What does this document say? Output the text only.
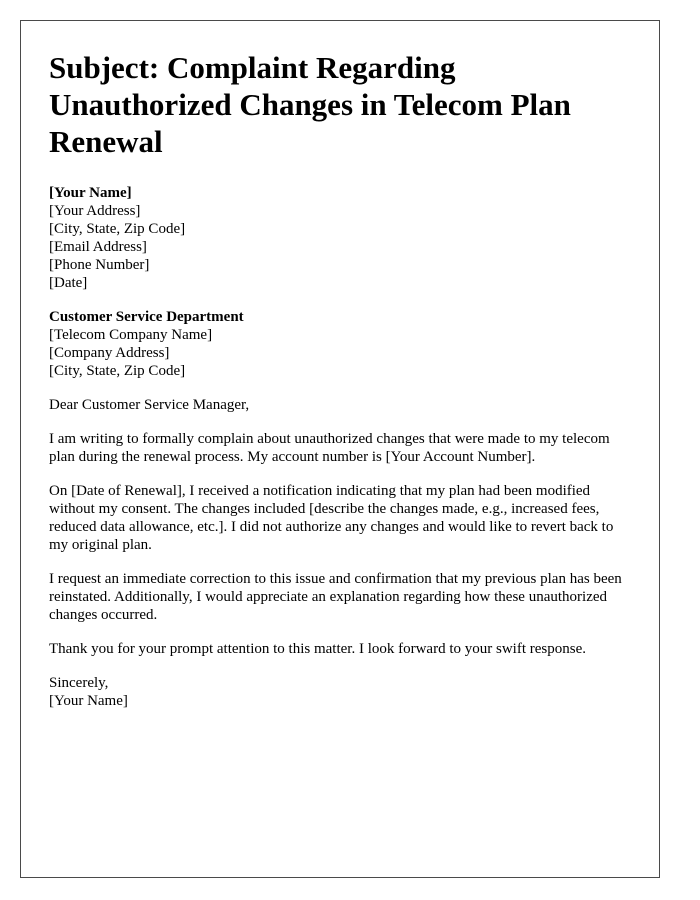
Subject: Complaint Regarding Unauthorized Changes in Telecom Plan Renewal
[Your Name]
[Your Address]
[City, State, Zip Code]
[Email Address]
[Phone Number]
[Date]
Customer Service Department
[Telecom Company Name]
[Company Address]
[City, State, Zip Code]

Dear Customer Service Manager,

I am writing to formally complain about unauthorized changes that were made to my telecom plan during the renewal process. My account number is [Your Account Number].

On [Date of Renewal], I received a notification indicating that my plan had been modified without my consent. The changes included [describe the changes made, e.g., increased fees, reduced data allowance, etc.]. I did not authorize any changes and would like to revert back to my original plan.

I request an immediate correction to this issue and confirmation that my previous plan has been reinstated. Additionally, I would appreciate an explanation regarding how these unauthorized changes occurred.

Thank you for your prompt attention to this matter. I look forward to your swift response.

Sincerely,
[Your Name]
